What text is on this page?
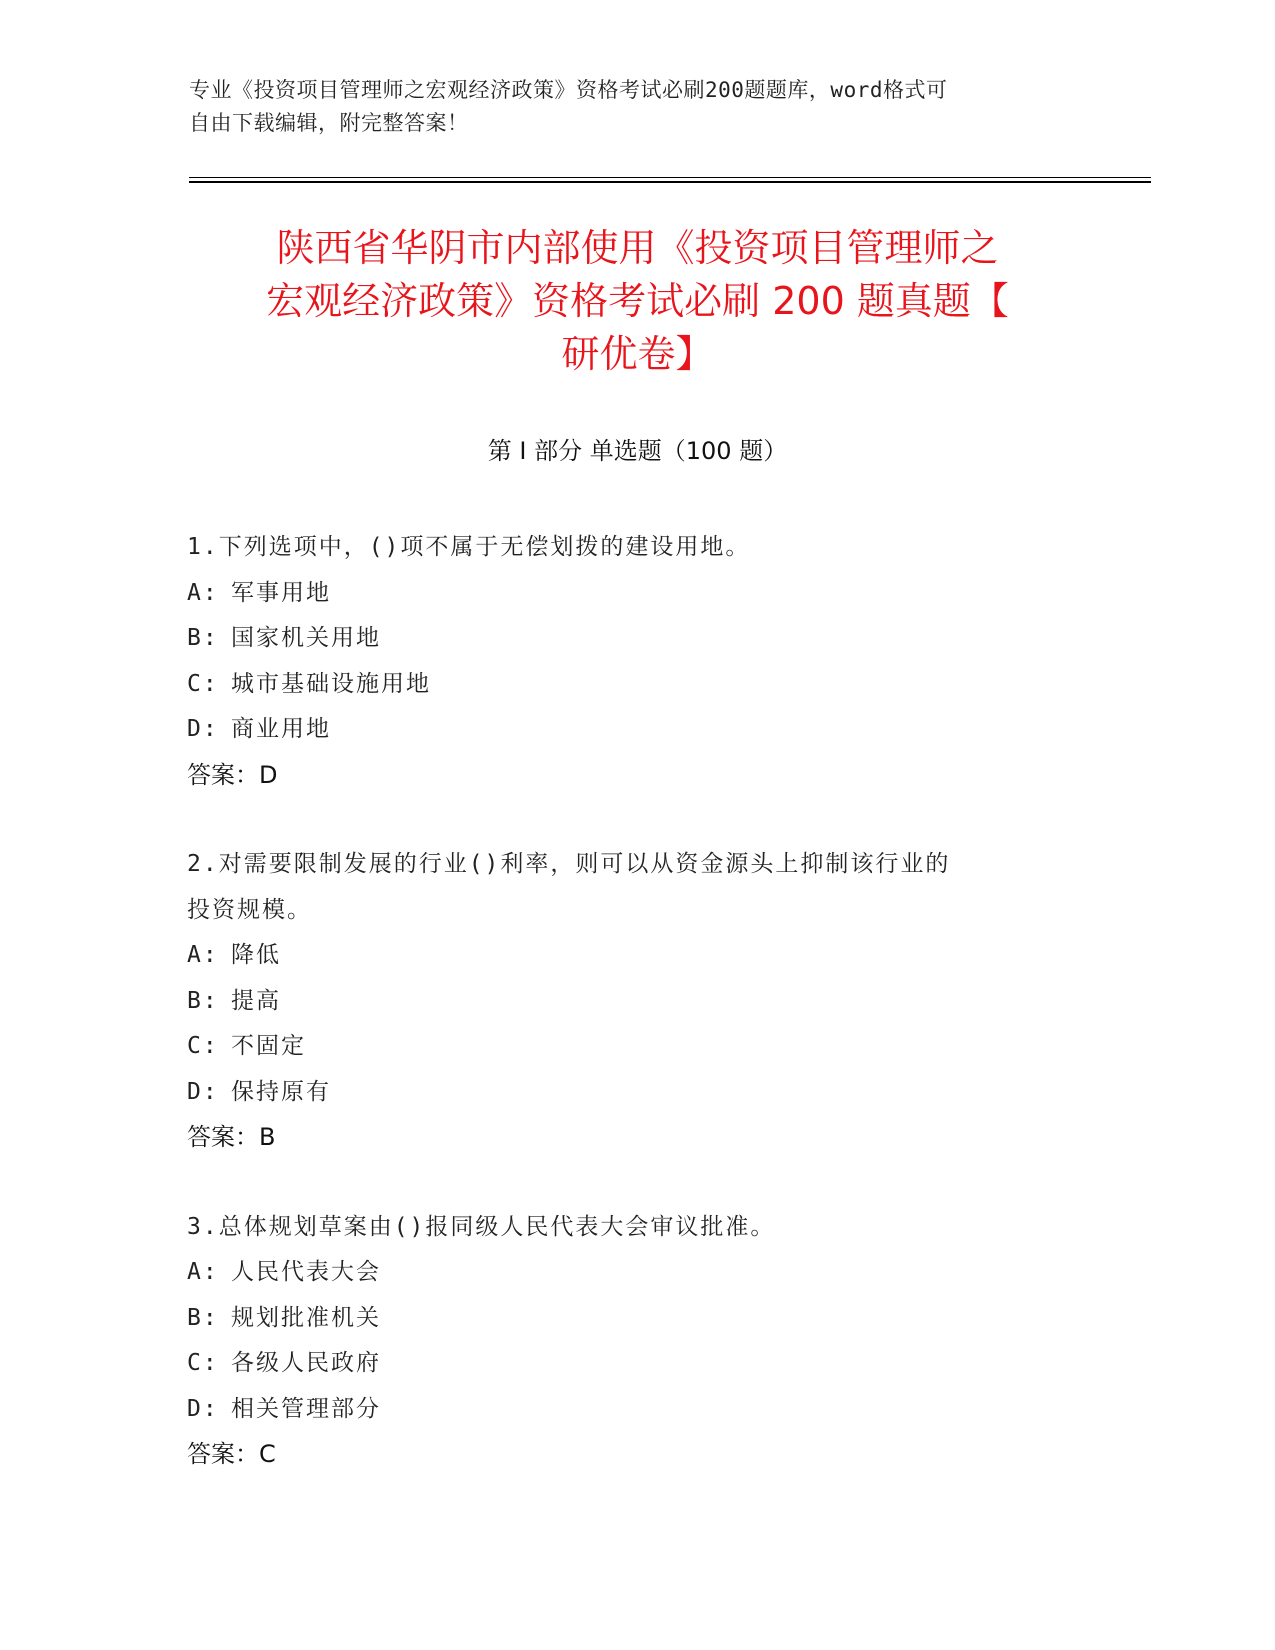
专业《投资项目管理师之宏观经济政策》资格考试必刷200题题库，word格式可
自由下载编辑，附完整答案！
陕西省华阴市内部使用《投资项目管理师之
宏观经济政策》资格考试必刷 200 题真题【
研优卷】
第 I 部分 单选题（100 题）
1.下列选项中，()项不属于无偿划拨的建设用地。
A: 军事用地
B: 国家机关用地
C: 城市基础设施用地
D: 商业用地
答案：D
2.对需要限制发展的行业()利率，则可以从资金源头上抑制该行业的
投资规模。
A: 降低
B: 提高
C: 不固定
D: 保持原有
答案：B
3.总体规划草案由()报同级人民代表大会审议批准。
A: 人民代表大会
B: 规划批准机关
C: 各级人民政府
D: 相关管理部分
答案：C
